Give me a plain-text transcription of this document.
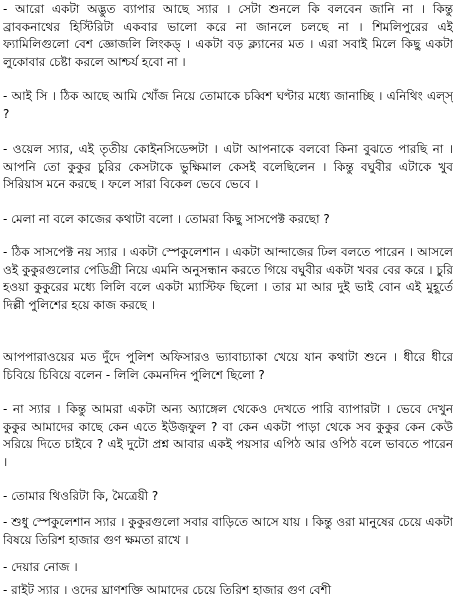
- আরো একটা অদ্ভুত ব্যাপার আছে স্যার । সেটা শুনলে কি বলবেন জানি না । কিন্তু ব্রাবকনাথের হিস্টিরিটা একবার ভালো করে না জানলে চলছে না । শিমলিপুরের এই ফ্যামিলিগুলো বেশ জ্ঞোজলি লিংকড্‌ । একটা বড় ক্ল্যানের মত । এরা সবাই মিলে কিছু একটা লুকোবার চেষ্টা করলে আশ্চর্য হবো না ।

- আই সি । ঠিক আছে আমি খোঁজ নিয়ে তোমাকে চব্বিশ ঘণ্টার মধ্যে জানাচ্ছি । এনিথিং এল্স্‌ ?

- ওয়েল স্যার, এই তৃতীয় কোইনসিডেন্সটা । এটা আপনাকে বলবো কিনা বুঝতে পারছি না । আপনি তো কুকুর চুরির কেসটাকে ভুক্ষিমাল কেসই বলেছিলেন । কিন্তু বঘুবীর এটাকে খুব সিরিয়াস মনে করছে । ফলে সারা বিকেল ভেবে ভেবে ।

- মেলা না বলে কাজের কথাটা বলো । তোমরা কিছু সাসপেক্ট করছো ?

- ঠিক সাসপেক্ট নয় স্যার । একটা স্পেকুলেশান । একটা আন্দাজের ঢিল বলতে পারেন । আসলে ওই কুকুরগুলোর পেডিগ্রী নিয়ে এমনি অনুসন্ধান করতে গিয়ে বঘুবীর একটা খবর বের করে । চুরি হওয়া কুকুরের মধ্যে লিলি বলে একটা ম্যাস্টিফ ছিলো । তার মা আর দুই ভাই বোন এই মুহূর্তে দিল্লী পুলিশের হয়ে কাজ করছে ।

আপপারাওয়ের মত দুঁদে পুলিশ অফিসারও ভ্যাবাচ্যাকা খেয়ে যান কথাটা শুনে । ধীরে ধীরে চিবিয়ে চিবিয়ে বলেন - লিলি কেমনদিন পুলিশে ছিলো ?

- না স্যার । কিন্তু আমরা একটা অন্য অ্যাঙ্গেল থেকেও দেখতে পারি ব্যাপারটা । ভেবে দেখুন কুকুর আমাদের কাছে কেন এতে ইউজ়ফুল ? বা কেন একটা পাড়া থেকে সব কুকুর কেন কেউ সরিয়ে দিতে চাইবে ? এই দুটো প্রশ্ন আবার একই পয়সার এপিঠ আর ওপিঠ বলে ভাবতে পারেন ।

- তোমার থিওরিটা কি, মৈত্রেয়ী ?

- শুধু স্পেকুলেশান স্যার । কুকুরগুলো সবার বাড়িতে আসে যায় । কিন্তু ওরা মানুষের চেয়ে একটা বিষয়ে তিরিশ হাজার গুণ ক্ষমতা রাখে ।

- দেয়ার নোজ ।

- রাইট স্যার । ওদের ঘ্রাণশক্তি আমাদের চেয়ে তিরিশ হাজার গুণ বেশী
